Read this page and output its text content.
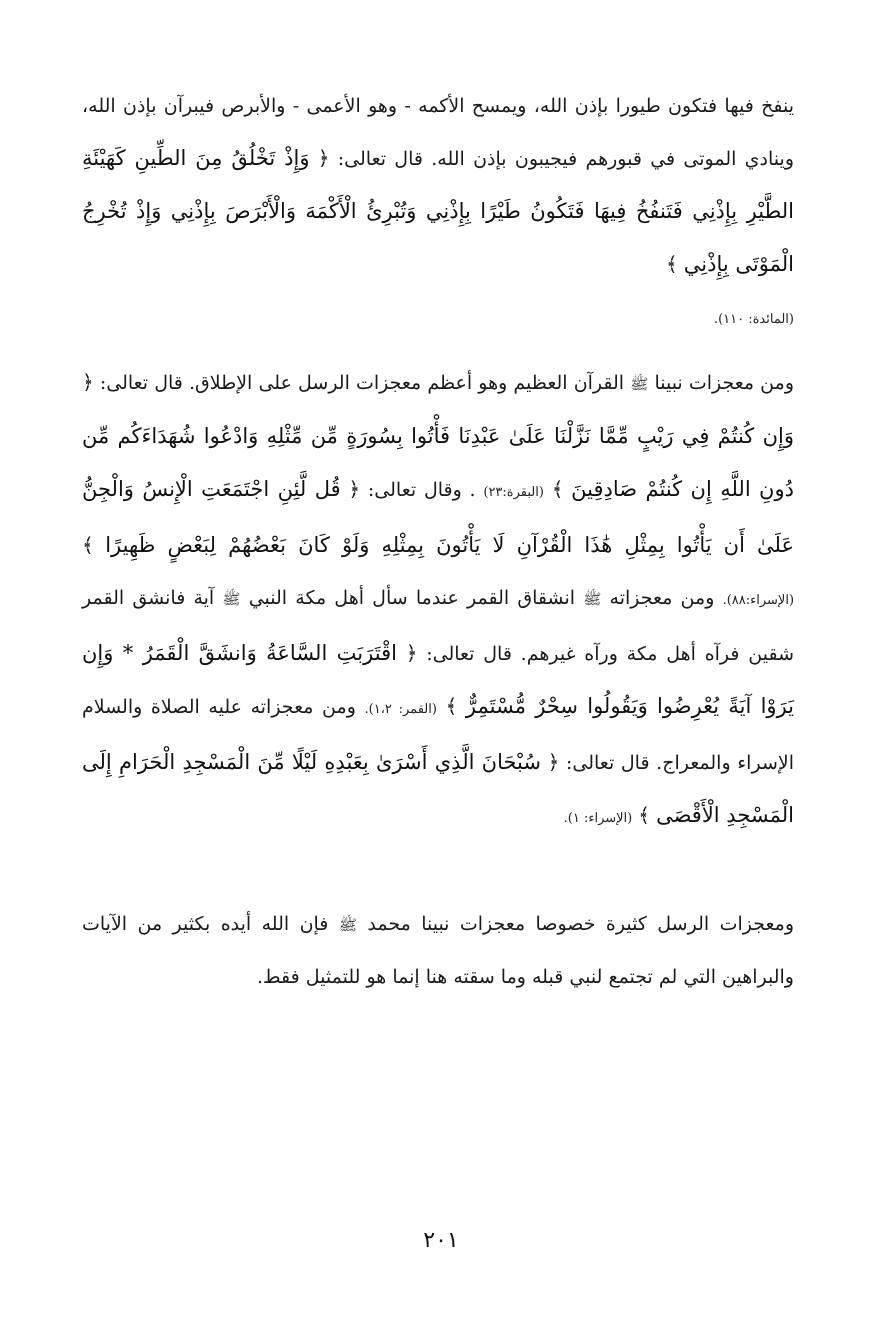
ينفخ فيها فتكون طيورا بإذن الله، ويمسح الأكمه - وهو الأعمى - والأبرص فيبرآن بإذن الله، وينادي الموتى في قبورهم فيجيبون بإذن الله. قال تعالى: ﴿ وَإِذْ تَخْلُقُ مِنَ الطِّينِ كَهَيْئَةِ الطَّيْرِ بِإِذْنِي فَتَنفُخُ فِيهَا فَتَكُونُ طَيْرًا بِإِذْنِي وَتُبْرِئُ الْأَكْمَهَ وَالْأَبْرَصَ بِإِذْنِي وَإِذْ تُخْرِجُ الْمَوْتَى بِإِذْنِي ﴾
(المائدة: ١١٠).
ومن معجزات نبينا ﷺ القرآن العظيم وهو أعظم معجزات الرسل على الإطلاق. قال تعالى: ﴿ وَإِن كُنتُمْ فِي رَيْبٍ مِّمَّا نَزَّلْنَا عَلَىٰ عَبْدِنَا فَأْتُوا بِسُورَةٍ مِّن مِّثْلِهِ وَادْعُوا شُهَدَاءَكُم مِّن دُونِ اللَّهِ إِن كُنتُمْ صَادِقِينَ ﴾ (البقرة:٢٣) . وقال تعالى: ﴿ قُل لَّئِنِ اجْتَمَعَتِ الْإِنسُ وَالْجِنُّ عَلَىٰ أَن يَأْتُوا بِمِثْلِ هَٰذَا الْقُرْآنِ لَا يَأْتُونَ بِمِثْلِهِ وَلَوْ كَانَ بَعْضُهُمْ لِبَعْضٍ ظَهِيرًا ﴾ (الإسراء:٨٨). ومن معجزاته ﷺ انشقاق القمر عندما سأل أهل مكة النبي ﷺ آية فانشق القمر شقين فرآه أهل مكة ورآه غيرهم. قال تعالى: ﴿ اقْتَرَبَتِ السَّاعَةُ وَانشَقَّ الْقَمَرُ * وَإِن يَرَوْا آيَةً يُعْرِضُوا وَيَقُولُوا سِحْرٌ مُّسْتَمِرٌّ ﴾ (القمر: ١،٢). ومن معجزاته عليه الصلاة والسلام الإسراء والمعراج. قال تعالى: ﴿ سُبْحَانَ الَّذِي أَسْرَىٰ بِعَبْدِهِ لَيْلًا مِّنَ الْمَسْجِدِ الْحَرَامِ إِلَى الْمَسْجِدِ الْأَقْصَى ﴾ (الإسراء: ١).
ومعجزات الرسل كثيرة خصوصا معجزات نبينا محمد ﷺ فإن الله أيده بكثير من الآيات والبراهين التي لم تجتمع لنبي قبله وما سقته هنا إنما هو للتمثيل فقط.
٢٠١
